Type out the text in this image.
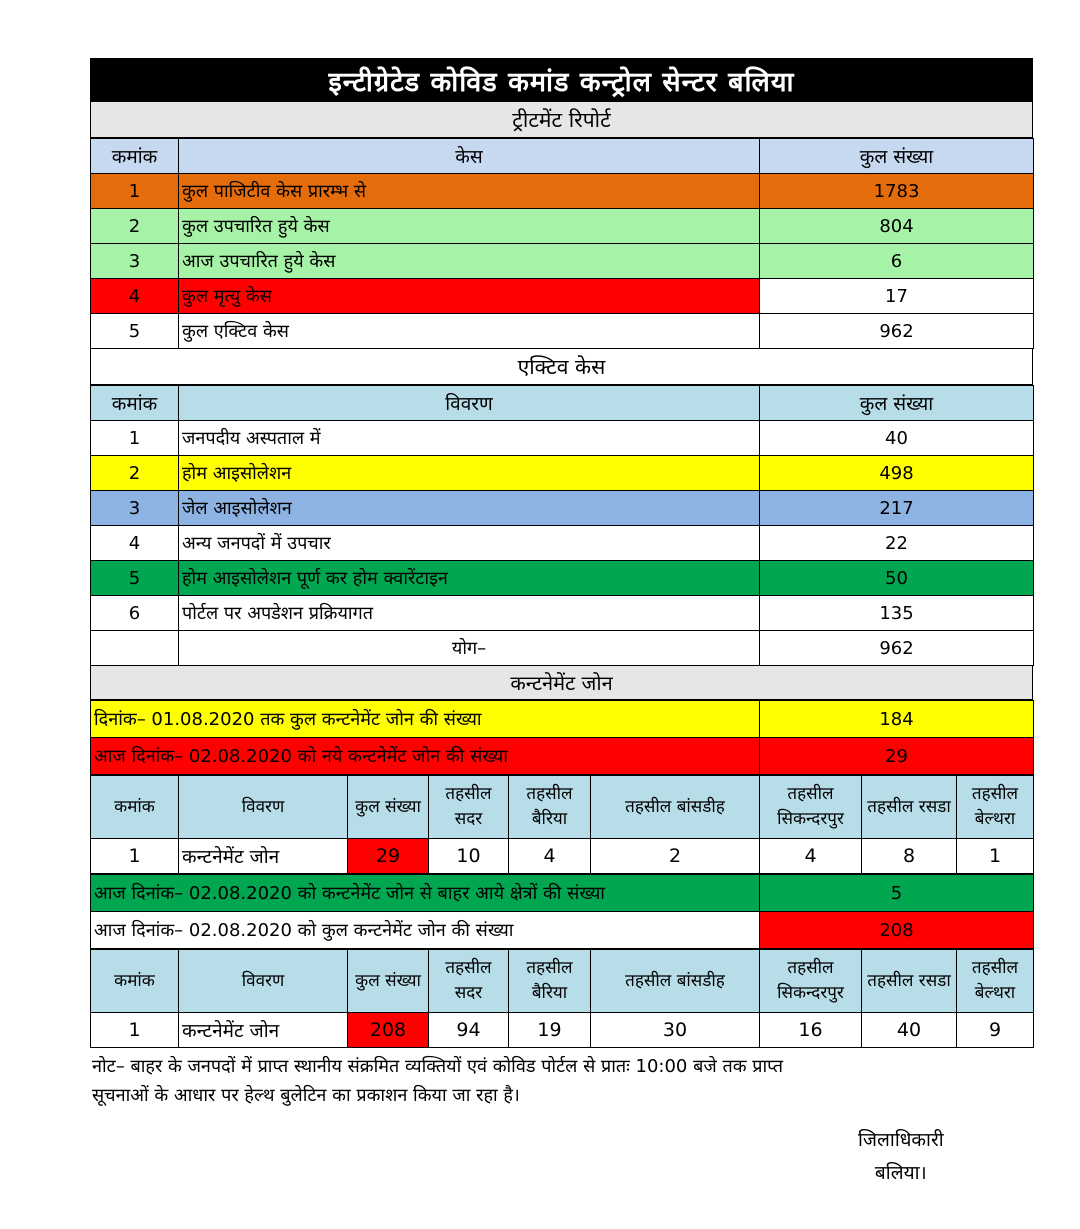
इन्टीग्रेटेड कोविड कमांड कन्ट्रोल सेन्टर बलिया
ट्रीटमेंट रिपोर्ट
कमांक	केस	कुल संख्या
1	कुल पाजिटीव केस प्रारम्भ से	1783
2	कुल उपचारित हुये केस	804
3	आज उपचारित हुये केस	6
4	कुल मृत्यु केस	17
5	कुल एक्टिव केस	962
एक्टिव केस
कमांक	विवरण	कुल संख्या
1	जनपदीय अस्पताल में	40
2	होम आइसोलेशन	498
3	जेल आइसोलेशन	217
4	अन्य जनपदों में उपचार	22
5	होम आइसोलेशन पूर्ण कर होम क्वारेंटाइन	50
6	पोर्टल पर अपडेशन प्रक्रियागत	135
	योग–	962
कन्टनेमेंट जोन
दिनांक– 01.08.2020 तक कुल कन्टनेमेंट जोन की संख्या	184
आज दिनांक– 02.08.2020 को नये कन्टनेमेंट जोन की संख्या	29
कमांक	विवरण	कुल संख्या	तहसील सदर	तहसील बैरिया	तहसील बांसडीह	तहसील सिकन्दरपुर	तहसील रसडा	तहसील बेल्थरा
1	कन्टनेमेंट जोन	29	10	4	2	4	8	1
आज दिनांक– 02.08.2020 को कन्टनेमेंट जोन से बाहर आये क्षेत्रों की संख्या	5
आज दिनांक– 02.08.2020 को कुल कन्टनेमेंट जोन की संख्या	208
कमांक	विवरण	कुल संख्या	तहसील सदर	तहसील बैरिया	तहसील बांसडीह	तहसील सिकन्दरपुर	तहसील रसडा	तहसील बेल्थरा
1	कन्टनेमेंट जोन	208	94	19	30	16	40	9
नोट– बाहर के जनपदों में प्राप्त स्थानीय संक्रमित व्यक्तियों एवं कोविड पोर्टल से प्रातः 10:00 बजे तक प्राप्त
सूचनाओं के आधार पर हेल्थ बुलेटिन का प्रकाशन किया जा रहा है।
जिलाधिकारी
बलिया।
